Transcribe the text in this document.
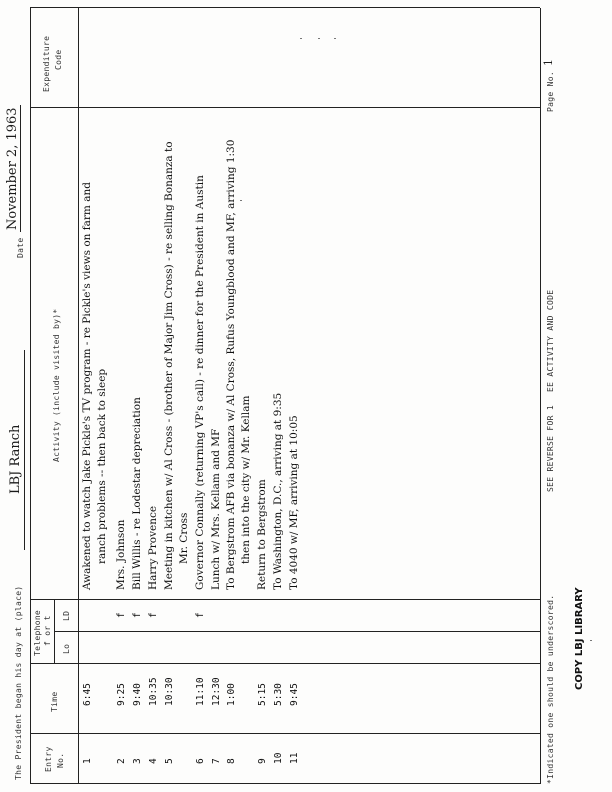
The President began his day at (place)
LBJ Ranch
Date
November 2, 1963
Entry No.
Time
Telephone f or t
Lo
LD
Activity (include visited by)*
Expenditure Code
*Indicated one should be underscored.
SEE REVERSE FOR 1
EE ACTIVITY AND CODE
Page No.
1
1
6:45
Awakened to watch Jake Pickle's TV program - re Pickle's views on farm and ranch problems -- then back to sleep
2
9:25
f
Mrs. Johnson
3
9:40
f
Bill Willis - re Lodestar depreciation
4
10:35
f
Harry Provence
5
10:30
Meeting in kitchen w/ Al Cross - (brother of Major Jim Cross) - re selling Bonanza to Mr. Cross
6
11:10
f
Governor Connally (returning VP's call) - re dinner for the President in Austin
7
12:30
Lunch w/ Mrs. Kellam and MF
8
1:00
To Bergstrom AFB via bonanza w/ Al Cross, Rufus Youngblood and MF, arriving 1:30 then into the city w/ Mr. Kellam
9
5:15
Return to Bergstrom
10
5:30
To Washington, D.C., arriving at 9:35
11
9:45
To 4040 w/ MF, arriving at 10:05
COPY LBJ LIBRARY
